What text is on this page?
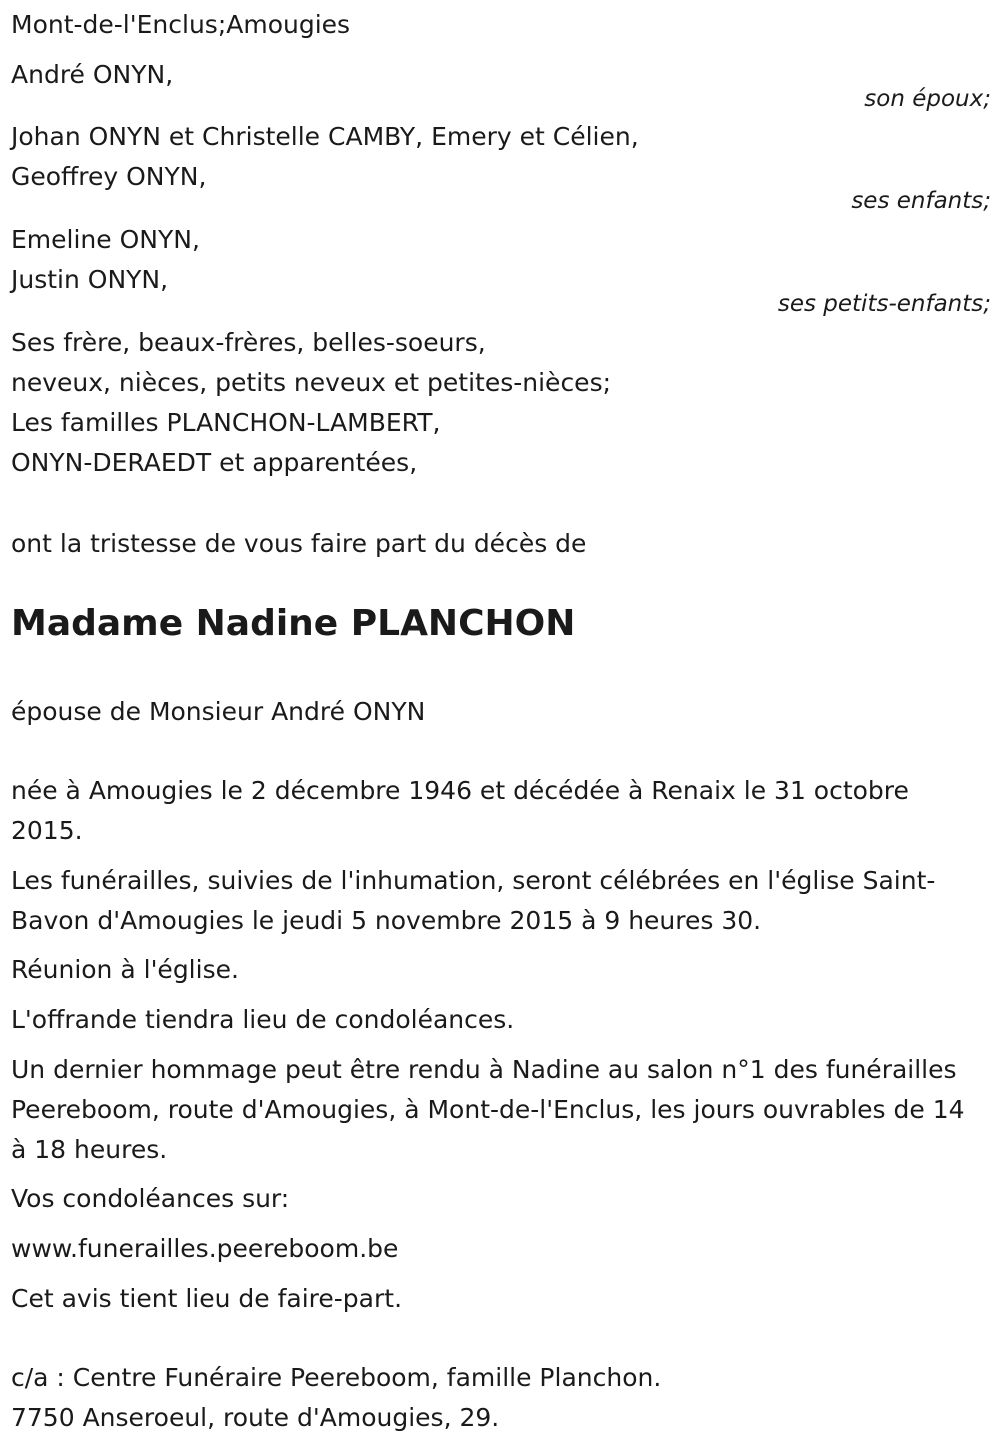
Mont-de-l'Enclus;Amougies
André ONYN,
son époux;
Johan ONYN et Christelle CAMBY, Emery et Célien,
Geoffrey ONYN,
ses enfants;
Emeline ONYN,
Justin ONYN,
ses petits-enfants;
Ses frère, beaux-frères, belles-soeurs,
neveux, nièces, petits neveux et petites-nièces;
Les familles PLANCHON-LAMBERT,
ONYN-DERAEDT et apparentées,
ont la tristesse de vous faire part du décès de
Madame Nadine PLANCHON
épouse de Monsieur André ONYN
née à Amougies le 2 décembre 1946 et décédée à Renaix le 31 octobre 2015.
Les funérailles, suivies de l'inhumation, seront célébrées en l'église Saint-Bavon d'Amougies le jeudi 5 novembre 2015 à 9 heures 30.
Réunion à l'église.
L'offrande tiendra lieu de condoléances.
Un dernier hommage peut être rendu à Nadine au salon n°1 des funérailles Peereboom, route d'Amougies, à Mont-de-l'Enclus, les jours ouvrables de 14 à 18 heures.
Vos condoléances sur:
www.funerailles.peereboom.be
Cet avis tient lieu de faire-part.
c/a : Centre Funéraire Peereboom, famille Planchon.
7750 Anseroeul, route d'Amougies, 29.
